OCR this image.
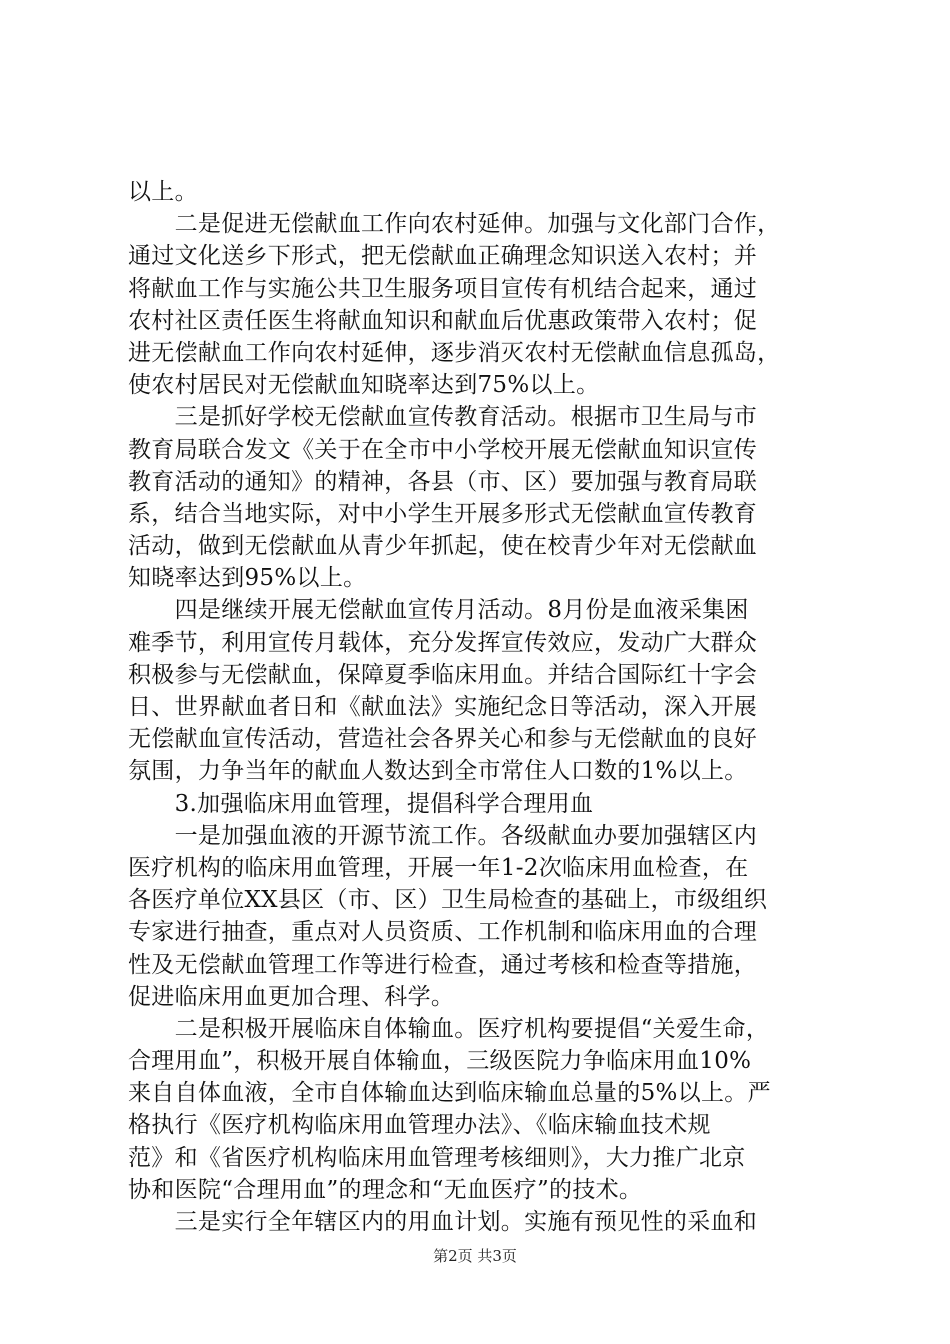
以上。
　　二是促进无偿献血工作向农村延伸。加强与文化部门合作，
通过文化送乡下形式，把无偿献血正确理念知识送入农村；并
将献血工作与实施公共卫生服务项目宣传有机结合起来，通过
农村社区责任医生将献血知识和献血后优惠政策带入农村；促
进无偿献血工作向农村延伸，逐步消灭农村无偿献血信息孤岛，
使农村居民对无偿献血知晓率达到75%以上。
　　三是抓好学校无偿献血宣传教育活动。根据市卫生局与市
教育局联合发文《关于在全市中小学校开展无偿献血知识宣传
教育活动的通知》的精神，各县（市、区）要加强与教育局联
系，结合当地实际，对中小学生开展多形式无偿献血宣传教育
活动，做到无偿献血从青少年抓起，使在校青少年对无偿献血
知晓率达到95%以上。
　　四是继续开展无偿献血宣传月活动。8月份是血液采集困
难季节，利用宣传月载体，充分发挥宣传效应，发动广大群众
积极参与无偿献血，保障夏季临床用血。并结合国际红十字会
日、世界献血者日和《献血法》实施纪念日等活动，深入开展
无偿献血宣传活动，营造社会各界关心和参与无偿献血的良好
氛围，力争当年的献血人数达到全市常住人口数的1%以上。
　　3.加强临床用血管理，提倡科学合理用血
　　一是加强血液的开源节流工作。各级献血办要加强辖区内
医疗机构的临床用血管理，开展一年1-2次临床用血检查，在
各医疗单位XX县区（市、区）卫生局检查的基础上，市级组织
专家进行抽查，重点对人员资质、工作机制和临床用血的合理
性及无偿献血管理工作等进行检查，通过考核和检查等措施，
促进临床用血更加合理、科学。
　　二是积极开展临床自体输血。医疗机构要提倡“关爱生命，
合理用血”，积极开展自体输血，三级医院力争临床用血10%
来自自体血液，全市自体输血达到临床输血总量的5%以上。严
格执行《医疗机构临床用血管理办法》、《临床输血技术规
范》和《省医疗机构临床用血管理考核细则》，大力推广北京
协和医院“合理用血”的理念和“无血医疗”的技术。
　　三是实行全年辖区内的用血计划。实施有预见性的采血和
第2页 共3页
